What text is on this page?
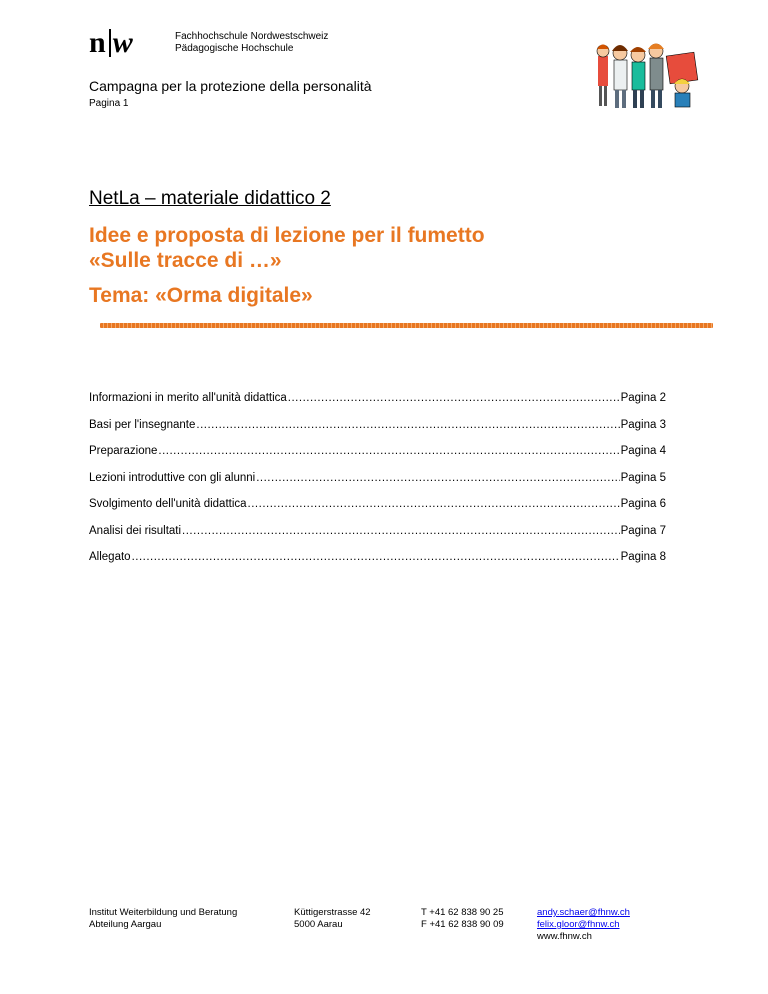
n w	Fachhochschule Nordwestschweiz
Pädagogische Hochschule
Campagna per la protezione della personalità
Pagina 1
NetLa – materiale didattico 2
Idee e proposta di lezione per il fumetto
«Sulle tracce di …»
Tema: «Orma digitale»
Informazioni in merito all'unità didattica .....	Pagina 2
Basi per l'insegnante .....	Pagina 3
Preparazione .....	Pagina 4
Lezioni introduttive con gli alunni .....	Pagina 5
Svolgimento dell'unità didattica .....	Pagina 6
Analisi dei risultati .....	Pagina 7
Allegato .....	Pagina 8
Institut Weiterbildung und Beratung
Abteilung Aargau
Küttigerstrasse 42
5000 Aarau
T +41 62 838 90 25
F +41 62 838 90 09
andy.schaer@fhnw.ch
felix.gloor@fhnw.ch
www.fhnw.ch
